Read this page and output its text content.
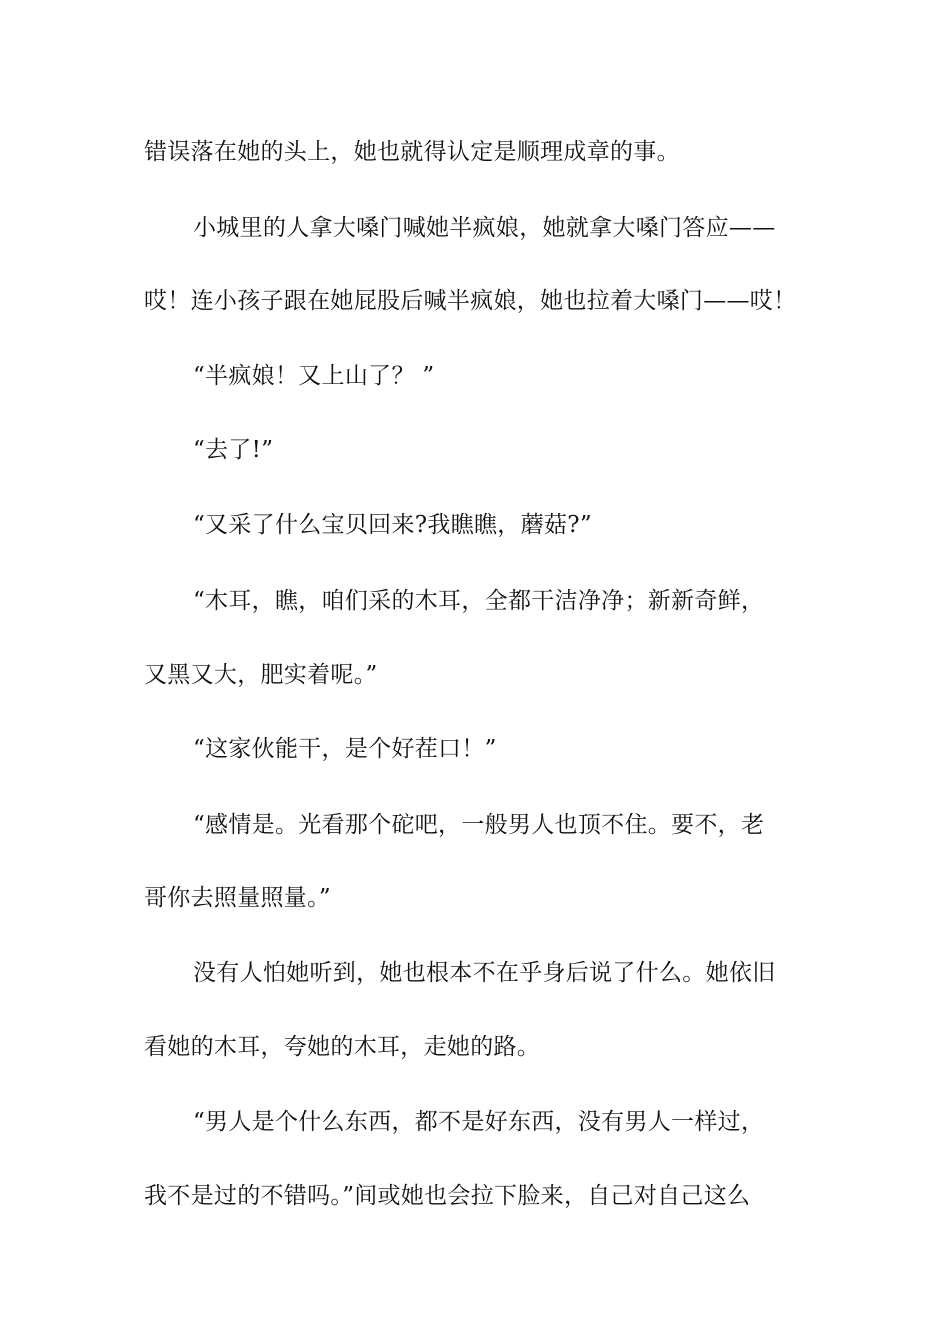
错误落在她的头上，她也就得认定是顺理成章的事。
小城里的人拿大嗓门喊她半疯娘，她就拿大嗓门答应——
哎！连小孩子跟在她屁股后喊半疯娘，她也拉着大嗓门——哎！
“半疯娘！又上山了？ ”
“去了!”
“又采了什么宝贝回来?我瞧瞧，蘑菇?”
“木耳，瞧，咱们采的木耳，全都干洁净净；新新奇鲜，
又黑又大，肥实着呢。”
“这家伙能干，是个好茬口！”
“感情是。光看那个砣吧，一般男人也顶不住。要不，老
哥你去照量照量。”
没有人怕她听到，她也根本不在乎身后说了什么。她依旧
看她的木耳，夸她的木耳，走她的路。
“男人是个什么东西，都不是好东西，没有男人一样过，
我不是过的不错吗。”间或她也会拉下脸来，自己对自己这么
